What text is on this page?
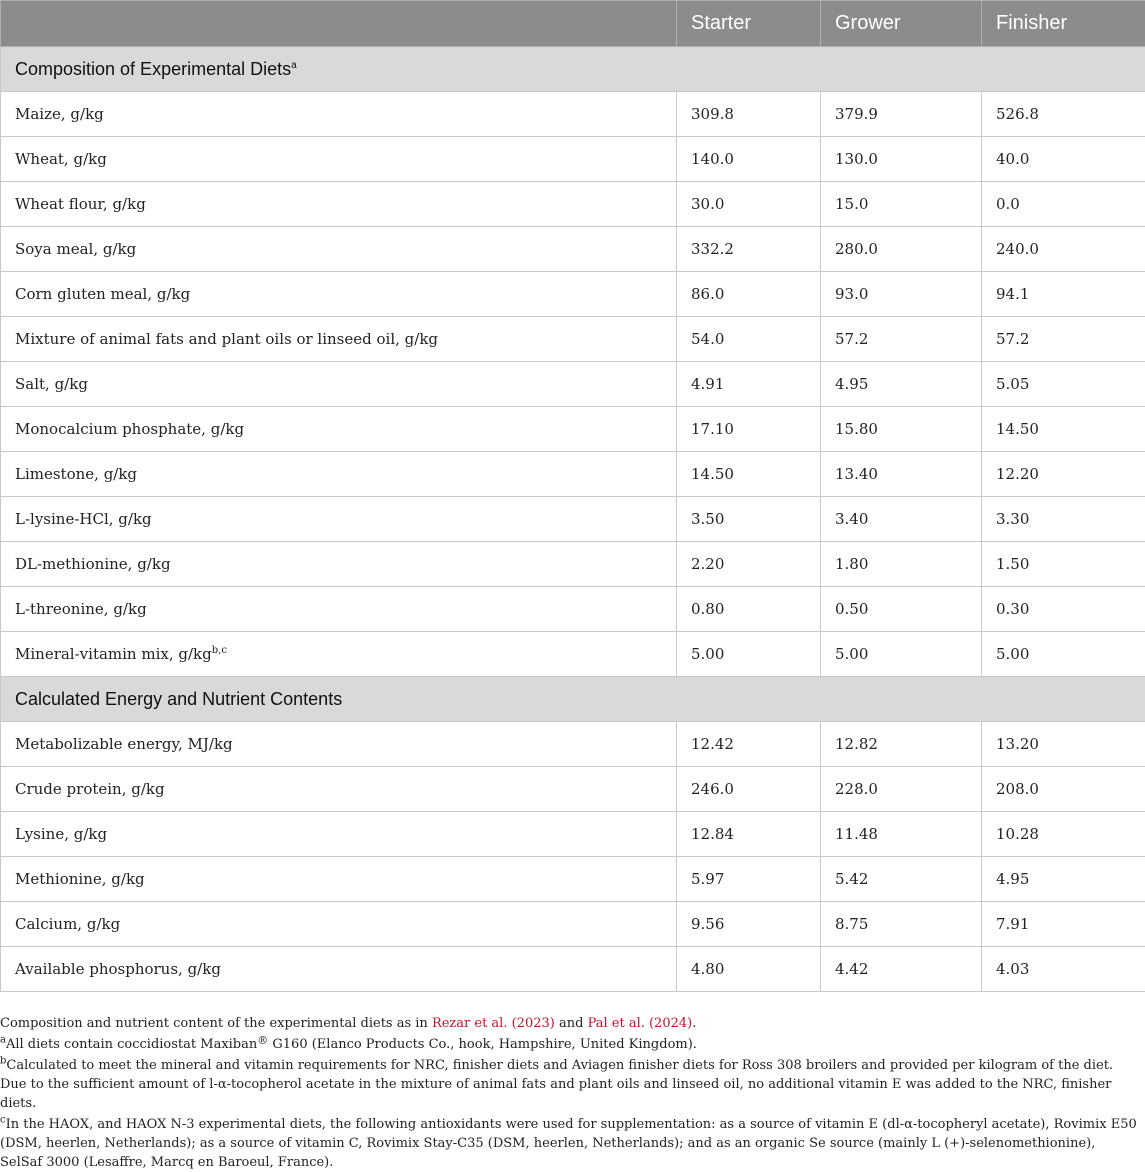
	Starter	Grower	Finisher
Composition of Experimental Diets$^a$
Maize, g/kg	309.8	379.9	526.8
Wheat, g/kg	140.0	130.0	40.0
Wheat flour, g/kg	30.0	15.0	0.0
Soya meal, g/kg	332.2	280.0	240.0
Corn gluten meal, g/kg	86.0	93.0	94.1
Mixture of animal fats and plant oils or linseed oil, g/kg	54.0	57.2	57.2
Salt, g/kg	4.91	4.95	5.05
Monocalcium phosphate, g/kg	17.10	15.80	14.50
Limestone, g/kg	14.50	13.40	12.20
L-lysine-HCl, g/kg	3.50	3.40	3.30
DL-methionine, g/kg	2.20	1.80	1.50
L-threonine, g/kg	0.80	0.50	0.30
Mineral-vitamin mix, g/kg$^{b,c}$	5.00	5.00	5.00
Calculated Energy and Nutrient Contents			
Metabolizable energy, MJ/kg	12.42	12.82	13.20
Crude protein, g/kg	246.0	228.0	208.0
Lysine, g/kg	12.84	11.48	10.28
Methionine, g/kg	5.97	5.42	4.95
Calcium, g/kg	9.56	8.75	7.91
Available phosphorus, g/kg	4.80	4.42	4.03

Composition and nutrient content of the experimental diets as in Rezar et al. (2023) and Pal et al. (2024).

$^a$All diets contain coccidiostat Maxiban® G160 (Elanco Products Co., hook, Hampshire, United Kingdom).

$^b$Calculated to meet the mineral and vitamin requirements for NRC, finisher diets and Aviagen finisher diets for Ross 308 broilers and provided per kilogram of the diet. Due to the sufficient amount of l-α-tocopherol acetate in the mixture of animal fats and plant oils and linseed oil, no additional vitamin E was added to the NRC, finisher diets.

$^c$In the HAOX, and HAOX N-3 experimental diets, the following antioxidants were used for supplementation: as a source of vitamin E (dl-α-tocopheryl acetate), Rovimix E50 (DSM, heerlen, Netherlands); as a source of vitamin C, Rovimix Stay-C35 (DSM, heerlen, Netherlands); and as an organic Se source (mainly L (+)-selenomethionine), SelSaf 3000 (Lesaffre, Marcq en Baroeul, France).
